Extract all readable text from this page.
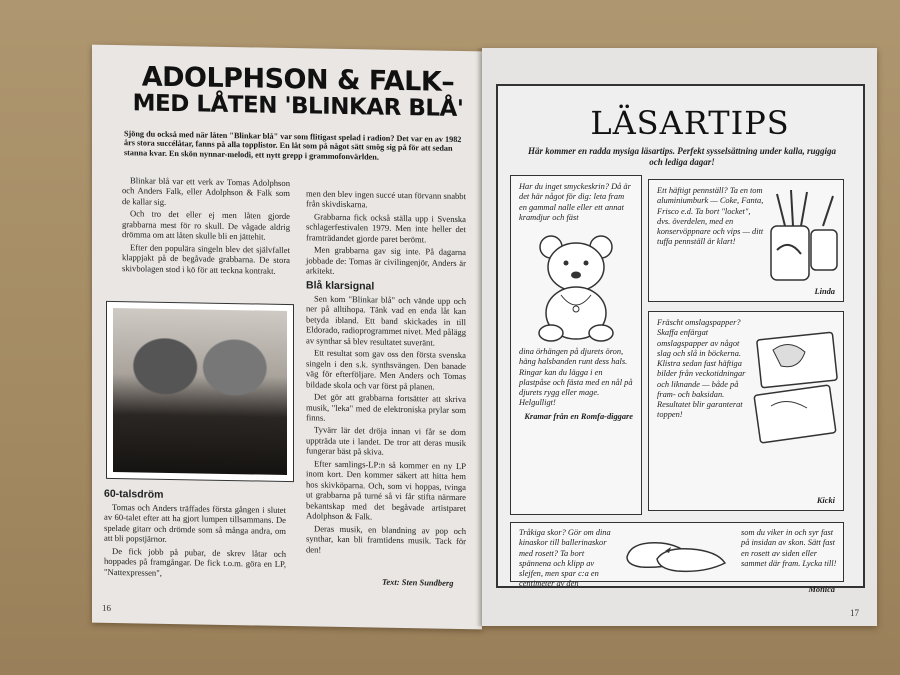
ADOLPHSON & FALK–
MED LÅTEN 'BLINKAR BLÅ'
Sjöng du också med när låten "Blinkar blå" var som flitigast spelad i radion? Det var en av 1982 års stora succélåtar, fanns på alla topplistor. En låt som på något sätt smög sig på för att sedan stanna kvar. En skön nynnar-melodi, ett nytt grepp i grammofonvärlden.

Blinkar blå var ett verk av Tomas Adolphson och Anders Falk, eller Adolphson & Falk som de kallar sig.

Och tro det eller ej men låten gjorde grabbarna mest för ro skull. De vågade aldrig drömma om att låten skulle bli en jättehit.

Efter den populära singeln blev det självfallet klappjakt på de begåvade grabbarna. De stora skivbolagen stod i kö för att teckna kontrakt.

60-talsdröm

Tomas och Anders träffades första gången i slutet av 60-talet efter att ha gjort lumpen tillsammans. De spelade gitarr och drömde som så många andra, om att bli popstjärnor.

De fick jobb på pubar, de skrev låtar och hoppades på framgångar. De fick t.o.m. göra en LP, "Nattexpressen",

men den blev ingen succé utan förvann snabbt från skivdiskarna.

Grabbarna fick också ställa upp i Svenska schlagerfestivalen 1979. Men inte heller det framträdandet gjorde paret berömt.

Men grabbarna gav sig inte. På dagarna jobbade de: Tomas är civilingenjör, Anders är arkitekt.

Blå klarsignal

Sen kom "Blinkar blå" och vände upp och ner på alltihopa. Tänk vad en enda låt kan betyda ibland. Ett band skickades in till Eldorado, radioprogrammet nivet. Med pålägg av synthar så blev resultatet suveränt.

Ett resultat som gav oss den första svenska singeln i den s.k. synthsvängen. Den banade väg för efterföljare. Men Anders och Tomas bildade skola och var först på planen.

Det gör att grabbarna fortsätter att skriva musik, "leka" med de elektroniska prylar som finns.

Tyvärr lär det dröja innan vi får se dom uppträda ute i landet. De tror att deras musik fungerar bäst på skiva.

Efter samlings-LP:n så kommer en ny LP inom kort. Den kommer säkert att hitta hem hos skivköparna. Och, som vi hoppas, tvinga ut grabbarna på turné så vi får stifta närmare bekantskap med det begåvade artistparet Adolphson & Falk.

Deras musik, en blandning av pop och synthar, kan bli framtidens musik. Tack för den!

Text: Sten Sundberg
16
LÄSARTIPS
Här kommer en radda mysiga läsartips. Perfekt sysselsättning under kalla, ruggiga och lediga dagar!

Har du inget smyckeskrin? Då är det här något för dig: leta fram en gammal nalle eller ett annat kramdjur och fäst

dina örhängen på djurets öron, häng halsbanden runt dess hals. Ringar kan du lägga i en plastpåse och fästa med en nål på djurets rygg eller mage. Helgulligt!

Kramar från en Romfa-diggare

Ett häftigt pennställ? Ta en tom aluminiumburk — Coke, Fanta, Frisco e.d. Ta bort "locket", dvs. överdelen, med en konservöppnare och vips — ditt tuffa pennställ är klart!

Linda

Fräscht omslagspapper? Skaffa enfärgat omslagspapper av något slag och slå in böckerna. Klistra sedan fast häftiga bilder från veckotidningar och liknande — både på fram- och baksidan. Resultatet blir garanterat toppen!

Kicki

Tråkiga skor? Gör om dina kinaskor till ballerinaskor med rosett? Ta bort spännena och klipp av slejfen, men spar c:a en centimeter av den

som du viker in och syr fast på insidan av skon. Sätt fast en rosett av siden eller sammet där fram. Lycka till!

Monica

17
